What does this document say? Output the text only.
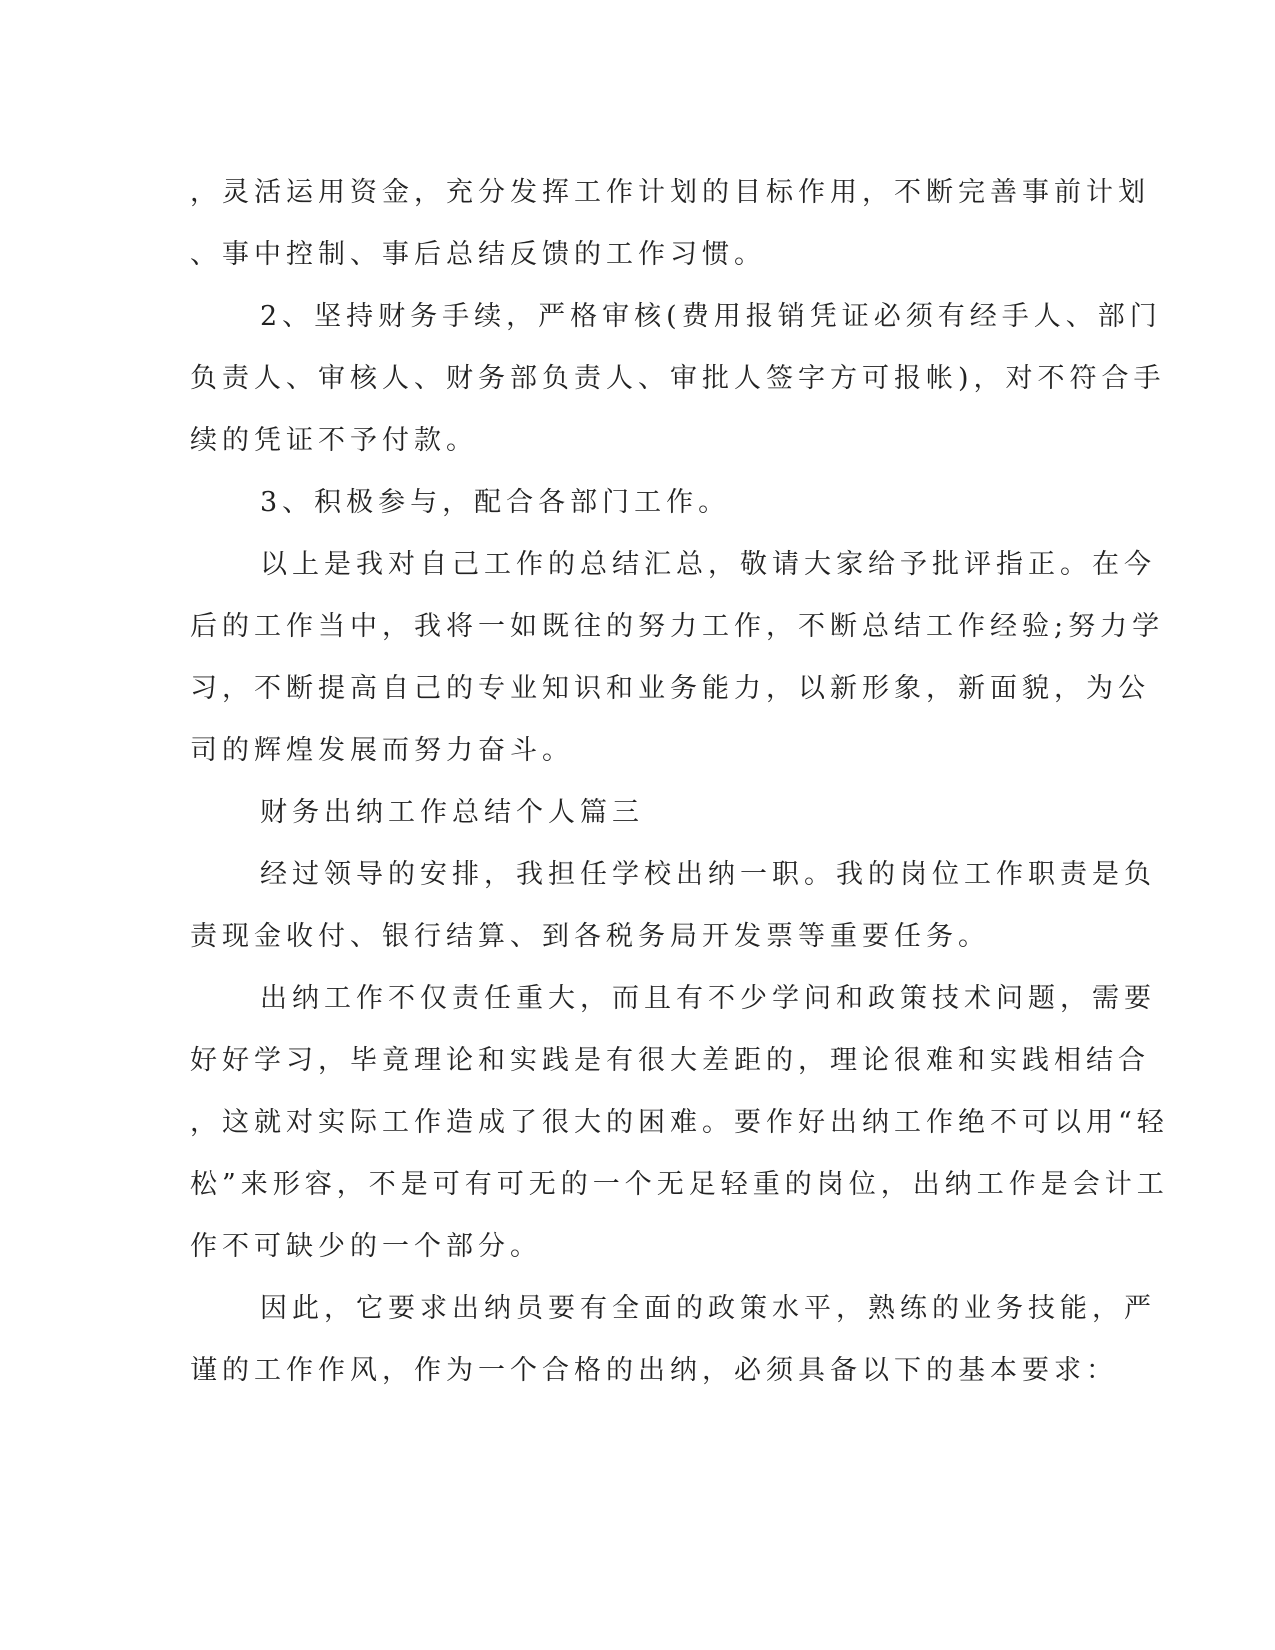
，灵活运用资金，充分发挥工作计划的目标作用，不断完善事前计划
、事中控制、事后总结反馈的工作习惯。
2、坚持财务手续，严格审核(费用报销凭证必须有经手人、部门
负责人、审核人、财务部负责人、审批人签字方可报帐)，对不符合手
续的凭证不予付款。
3、积极参与，配合各部门工作。
以上是我对自己工作的总结汇总，敬请大家给予批评指正。在今
后的工作当中，我将一如既往的努力工作，不断总结工作经验;努力学
习，不断提高自己的专业知识和业务能力，以新形象，新面貌，为公
司的辉煌发展而努力奋斗。
财务出纳工作总结个人篇三
经过领导的安排，我担任学校出纳一职。我的岗位工作职责是负
责现金收付、银行结算、到各税务局开发票等重要任务。
出纳工作不仅责任重大，而且有不少学问和政策技术问题，需要
好好学习，毕竟理论和实践是有很大差距的，理论很难和实践相结合
，这就对实际工作造成了很大的困难。要作好出纳工作绝不可以用“轻
松”来形容，不是可有可无的一个无足轻重的岗位，出纳工作是会计工
作不可缺少的一个部分。
因此，它要求出纳员要有全面的政策水平，熟练的业务技能，严
谨的工作作风，作为一个合格的出纳，必须具备以下的基本要求：
